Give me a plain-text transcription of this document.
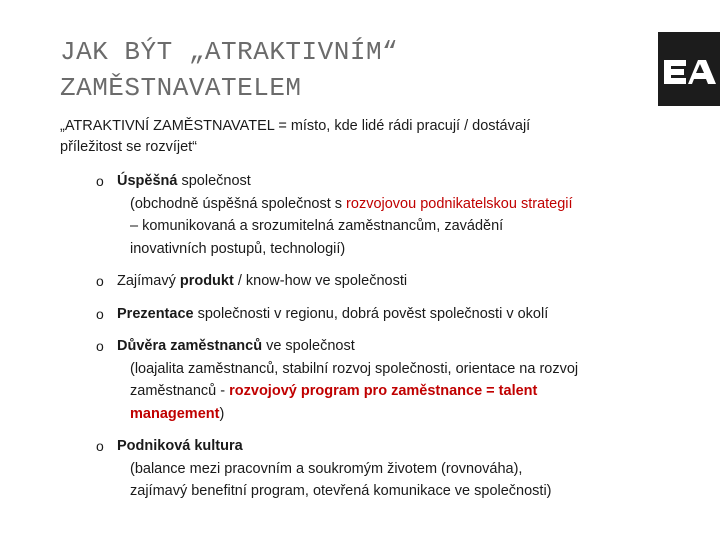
JAK BÝT „ATRAKTIVNÍM“
ZAMĚSTNAVATELEM
„ATRAKTIVNÍ ZAMĚSTNAVATEL = místo, kde lidé rádi pracují / dostávají
příležitost se rozvíjet“
o Úspěšná společnost
(obchodně úspěšná společnost s rozvojovou podnikatelskou strategií
– komunikovaná a srozumitelná zaměstnancům, zavádění
inovativních postupů, technologií)
o Zajímavý produkt / know-how ve společnosti
o Prezentace společnosti v regionu, dobrá pověst společnosti v okolí
o Důvěra zaměstnanců ve společnost
(loajalita zaměstnanců, stabilní rozvoj společnosti, orientace na rozvoj
zaměstnanců - rozvojový program pro zaměstnance = talent
management)
o Podniková kultura
(balance mezi pracovním a soukromým životem (rovnováha),
zajímavý benefitní program, otevřená komunikace ve společnosti)
